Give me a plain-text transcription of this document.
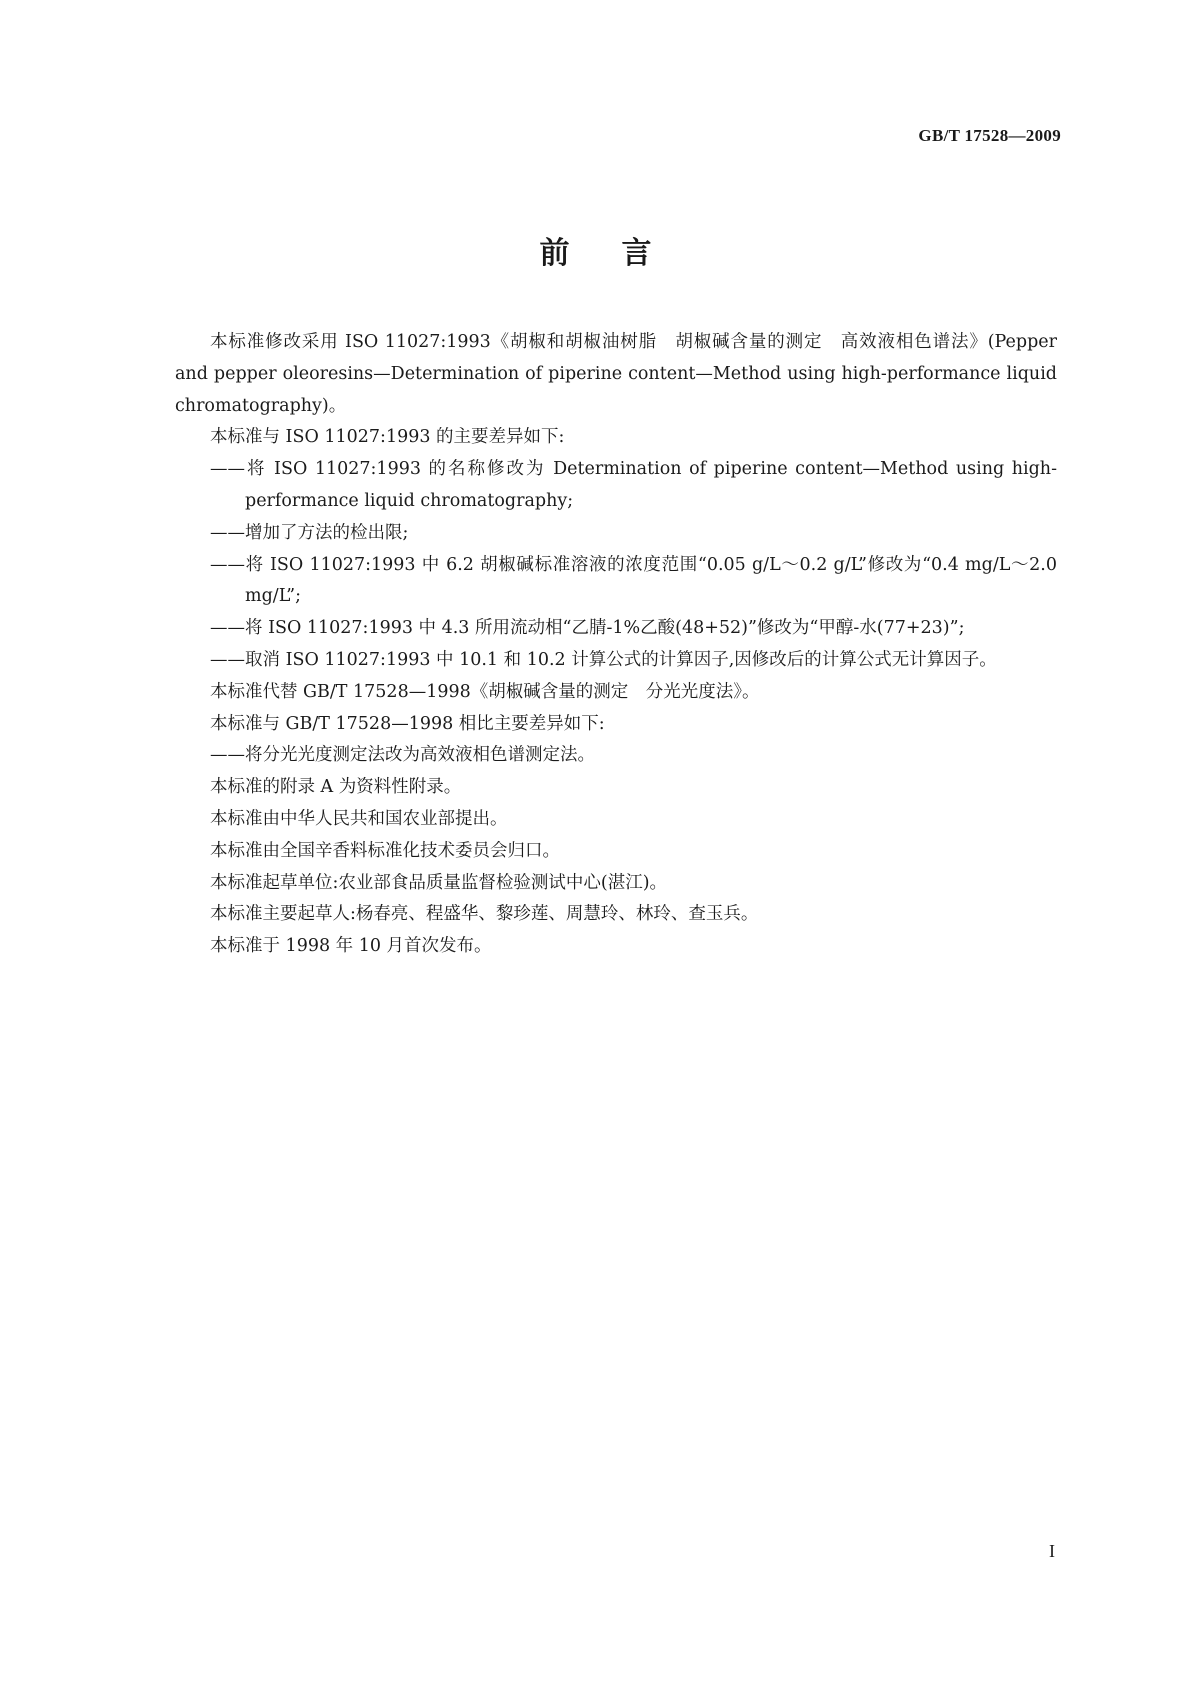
GB/T 17528—2009
前言

本标准修改采用 ISO 11027:1993《胡椒和胡椒油树脂　胡椒碱含量的测定　高效液相色谱法》(Pepper and pepper oleoresins—Determination of piperine content—Method using high-performance liquid chromatography)。

本标准与 ISO 11027:1993 的主要差异如下:

——将 ISO 11027:1993 的名称修改为 Determination of piperine content—Method using high-performance liquid chromatography;

——增加了方法的检出限;

——将 ISO 11027:1993 中 6.2 胡椒碱标准溶液的浓度范围“0.05 g/L～0.2 g/L”修改为“0.4 mg/L～2.0 mg/L”;

——将 ISO 11027:1993 中 4.3 所用流动相“乙腈-1%乙酸(48+52)”修改为“甲醇-水(77+23)”;

——取消 ISO 11027:1993 中 10.1 和 10.2 计算公式的计算因子,因修改后的计算公式无计算因子。

本标准代替 GB/T 17528—1998《胡椒碱含量的测定　分光光度法》。

本标准与 GB/T 17528—1998 相比主要差异如下:

——将分光光度测定法改为高效液相色谱测定法。

本标准的附录 A 为资料性附录。

本标准由中华人民共和国农业部提出。

本标准由全国辛香料标准化技术委员会归口。

本标准起草单位:农业部食品质量监督检验测试中心(湛江)。

本标准主要起草人:杨春亮、程盛华、黎珍莲、周慧玲、林玲、查玉兵。

本标准于 1998 年 10 月首次发布。

I
